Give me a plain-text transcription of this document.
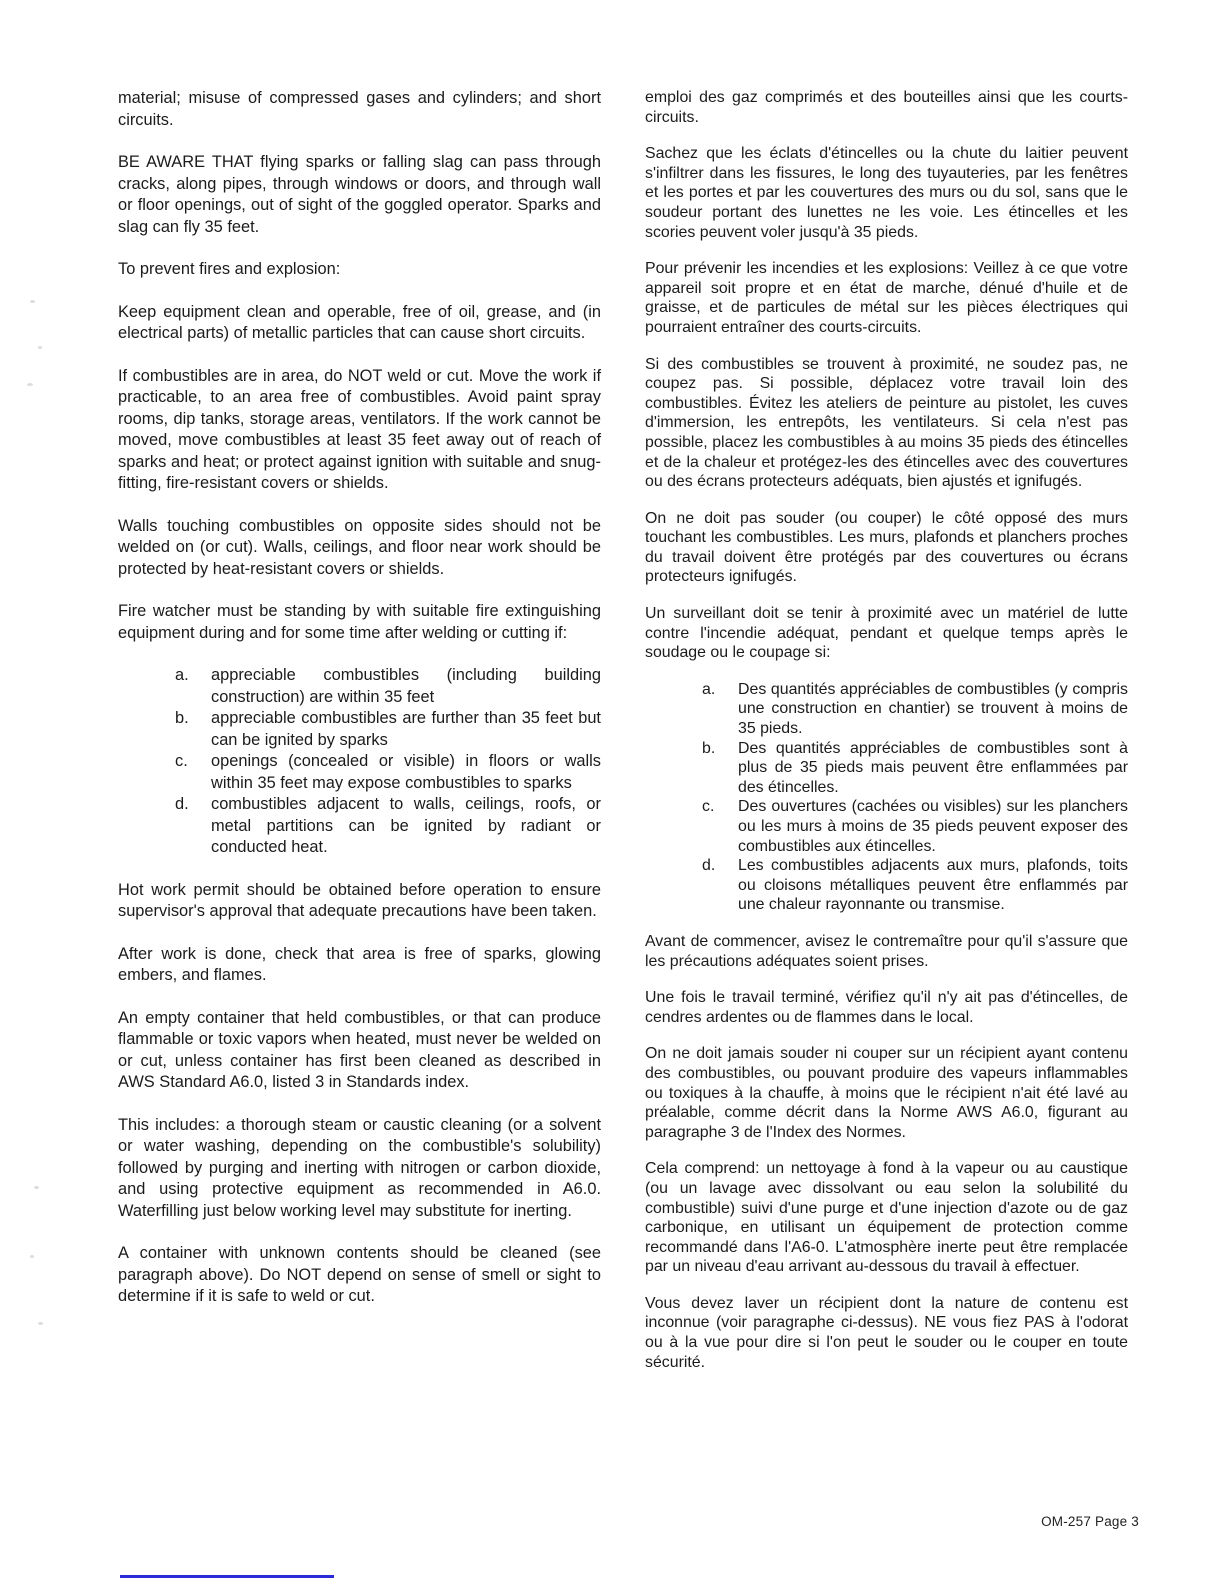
material; misuse of compressed gases and cylinders; and short circuits.

BE AWARE THAT flying sparks or falling slag can pass through cracks, along pipes, through windows or doors, and through wall or floor openings, out of sight of the goggled operator. Sparks and slag can fly 35 feet.

To prevent fires and explosion:

Keep equipment clean and operable, free of oil, grease, and (in electrical parts) of metallic particles that can cause short circuits.

If combustibles are in area, do NOT weld or cut. Move the work if practicable, to an area free of combustibles. Avoid paint spray rooms, dip tanks, storage areas, ventilators. If the work cannot be moved, move combustibles at least 35 feet away out of reach of sparks and heat; or protect against ignition with suitable and snug-fitting, fire-resistant covers or shields.

Walls touching combustibles on opposite sides should not be welded on (or cut). Walls, ceilings, and floor near work should be protected by heat-resistant covers or shields.

Fire watcher must be standing by with suitable fire extinguishing equipment during and for some time after welding or cutting if:

a.	appreciable combustibles (including building construction) are within 35 feet
b.	appreciable combustibles are further than 35 feet but can be ignited by sparks
c.	openings (concealed or visible) in floors or walls within 35 feet may expose combustibles to sparks
d.	combustibles adjacent to walls, ceilings, roofs, or metal partitions can be ignited by radiant or conducted heat.

Hot work permit should be obtained before operation to ensure supervisor's approval that adequate precautions have been taken.

After work is done, check that area is free of sparks, glowing embers, and flames.

An empty container that held combustibles, or that can produce flammable or toxic vapors when heated, must never be welded on or cut, unless container has first been cleaned as described in AWS Standard A6.0, listed 3 in Standards index.

This includes: a thorough steam or caustic cleaning (or a solvent or water washing, depending on the combustible's solubility) followed by purging and inerting with nitrogen or carbon dioxide, and using protective equipment as recommended in A6.0. Waterfilling just below working level may substitute for inerting.

A container with unknown contents should be cleaned (see paragraph above). Do NOT depend on sense of smell or sight to determine if it is safe to weld or cut.

emploi des gaz comprimés et des bouteilles ainsi que les courts-circuits.

Sachez que les éclats d'étincelles ou la chute du laitier peuvent s'infiltrer dans les fissures, le long des tuyauteries, par les fenêtres et les portes et par les couvertures des murs ou du sol, sans que le soudeur portant des lunettes ne les voie. Les étincelles et les scories peuvent voler jusqu'à 35 pieds.

Pour prévenir les incendies et les explosions: Veillez à ce que votre appareil soit propre et en état de marche, dénué d'huile et de graisse, et de particules de métal sur les pièces électriques qui pourraient entraîner des courts-circuits.

Si des combustibles se trouvent à proximité, ne soudez pas, ne coupez pas. Si possible, déplacez votre travail loin des combustibles. Évitez les ateliers de peinture au pistolet, les cuves d'immersion, les entrepôts, les ventilateurs. Si cela n'est pas possible, placez les combustibles à au moins 35 pieds des étincelles et de la chaleur et protégez-les des étincelles avec des couvertures ou des écrans protecteurs adéquats, bien ajustés et ignifugés.

On ne doit pas souder (ou couper) le côté opposé des murs touchant les combustibles. Les murs, plafonds et planchers proches du travail doivent être protégés par des couvertures ou écrans protecteurs ignifugés.

Un surveillant doit se tenir à proximité avec un matériel de lutte contre l'incendie adéquat, pendant et quelque temps après le soudage ou le coupage si:

a.	Des quantités appréciables de combustibles (y compris une construction en chantier) se trouvent à moins de 35 pieds.
b.	Des quantités appréciables de combustibles sont à plus de 35 pieds mais peuvent être enflammées par des étincelles.
c.	Des ouvertures (cachées ou visibles) sur les planchers ou les murs à moins de 35 pieds peuvent exposer des combustibles aux étincelles.
d.	Les combustibles adjacents aux murs, plafonds, toits ou cloisons métalliques peuvent être enflammés par une chaleur rayonnante ou transmise.

Avant de commencer, avisez le contremaître pour qu'il s'assure que les précautions adéquates soient prises.

Une fois le travail terminé, vérifiez qu'il n'y ait pas d'étincelles, de cendres ardentes ou de flammes dans le local.

On ne doit jamais souder ni couper sur un récipient ayant contenu des combustibles, ou pouvant produire des vapeurs inflammables ou toxiques à la chauffe, à moins que le récipient n'ait été lavé au préalable, comme décrit dans la Norme AWS A6.0, figurant au paragraphe 3 de l'Index des Normes.

Cela comprend: un nettoyage à fond à la vapeur ou au caustique (ou un lavage avec dissolvant ou eau selon la solubilité du combustible) suivi d'une purge et d'une injection d'azote ou de gaz carbonique, en utilisant un équipement de protection comme recommandé dans l'A6-0. L'atmosphère inerte peut être remplacée par un niveau d'eau arrivant au-dessous du travail à effectuer.

Vous devez laver un récipient dont la nature de contenu est inconnue (voir paragraphe ci-dessus). NE vous fiez PAS à l'odorat ou à la vue pour dire si l'on peut le souder ou le couper en toute sécurité.

OM-257 Page 3
